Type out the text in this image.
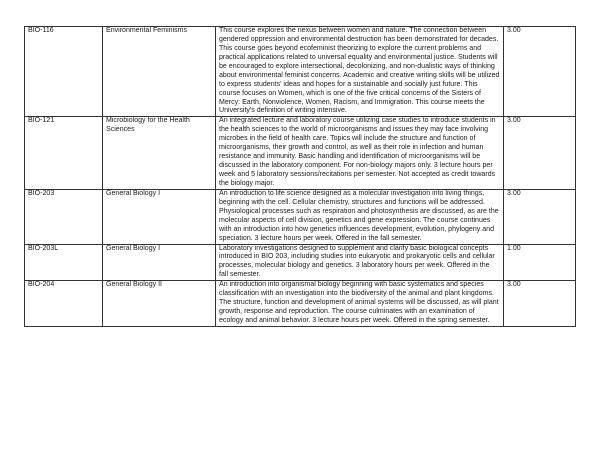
BIO-116	Environmental Feminisms	This course explores the nexus between women and nature. The connection between gendered oppression and environmental destruction has been demonstrated for decades. This course goes beyond ecofeminist theorizing to explore the current problems and practical applications related to universal equality and environmental justice. Students will be encouraged to explore intersectional, decolonizing, and non-dualistic ways of thinking about environmental feminist concerns. Academic and creative writing skills will be utilized to express students' ideas and hopes for a sustainable and socially just future. This course focuses on Women, which is one of the five critical concerns of the Sisters of Mercy: Earth, Nonviolence, Women, Racism, and Immigration. This course meets the University's definition of writing intensive.	3.00
BIO-121	Microbiology for the Health Sciences	An integrated lecture and laboratory course utilizing case studies to introduce students in the health sciences to the world of microorganisms and issues they may face involving microbes in the field of health care. Topics will include the structure and function of microorganisms, their growth and control, as well as their role in infection and human resistance and immunity. Basic handling and identification of microorganisms will be discussed in the laboratory component. For non-biology majors only. 3 lecture hours per week and 5 laboratory sessions/recitations per semester. Not accepted as credit towards the biology major.	3.00
BIO-203	General Biology I	An introduction to life science designed as a molecular investigation into living things, beginning with the cell. Cellular chemistry, structures and functions will be addressed. Physiological processes such as respiration and photosynthesis are discussed, as are the molecular aspects of cell division, genetics and gene expression. The course continues with an introduction into how genetics influences development, evolution, phylogeny and speciation. 3 lecture hours per week. Offered in the fall semester.	3.00
BIO-203L	General Biology I	Laboratory investigations designed to supplement and clarify basic biological concepts introduced in BIO 203, including studies into eukaryotic and prokaryotic cells and cellular processes, molecular biology and genetics. 3 laboratory hours per week. Offered in the fall semester.	1.00
BIO-204	General Biology II	An introduction into organismal biology beginning with basic systematics and species classification with an investigation into the biodiversity of the animal and plant kingdoms. The structure, function and development of animal systems will be discussed, as will plant growth, response and reproduction. The course culminates with an examination of ecology and animal behavior. 3 lecture hours per week. Offered in the spring semester.	3.00
